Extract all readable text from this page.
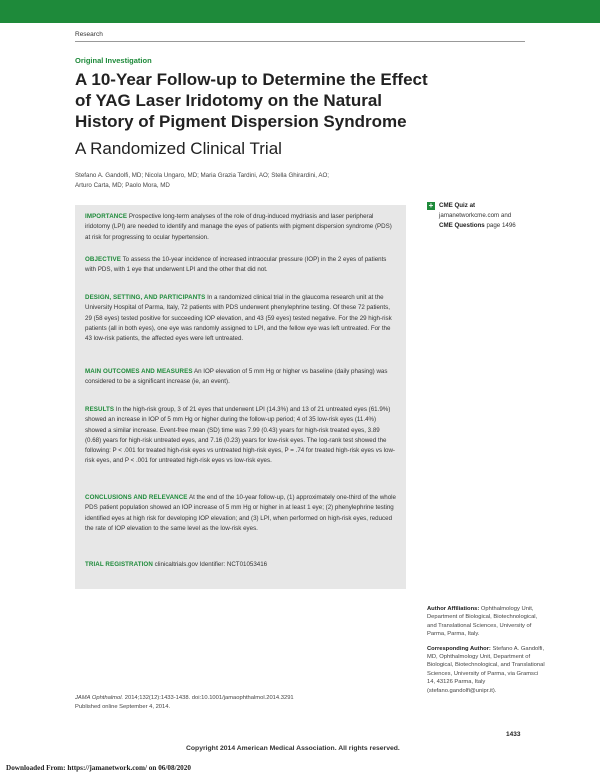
Research
Original Investigation
A 10-Year Follow-up to Determine the Effect of YAG Laser Iridotomy on the Natural History of Pigment Dispersion Syndrome
A Randomized Clinical Trial
Stefano A. Gandolfi, MD; Nicola Ungaro, MD; Maria Grazia Tardini, AO; Stella Ghirardini, AO; Arturo Carta, MD; Paolo Mora, MD
IMPORTANCE Prospective long-term analyses of the role of drug-induced mydriasis and laser peripheral iridotomy (LPI) are needed to identify and manage the eyes of patients with pigment dispersion syndrome (PDS) at risk for progressing to ocular hypertension.
OBJECTIVE To assess the 10-year incidence of increased intraocular pressure (IOP) in the 2 eyes of patients with PDS, with 1 eye that underwent LPI and the other that did not.
DESIGN, SETTING, AND PARTICIPANTS In a randomized clinical trial in the glaucoma research unit at the University Hospital of Parma, Italy, 72 patients with PDS underwent phenylephrine testing. Of these 72 patients, 29 (58 eyes) tested positive for succeeding IOP elevation, and 43 (59 eyes) tested negative. For the 29 high-risk patients (all in both eyes), one eye was randomly assigned to LPI, and the fellow eye was left untreated. For the 43 low-risk patients, the affected eyes were left untreated.
MAIN OUTCOMES AND MEASURES An IOP elevation of 5 mm Hg or higher vs baseline (daily phasing) was considered to be a significant increase (ie, an event).
RESULTS In the high-risk group, 3 of 21 eyes that underwent LPI (14.3%) and 13 of 21 untreated eyes (61.9%) showed an increase in IOP of 5 mm Hg or higher during the follow-up period; 4 of 35 low-risk eyes (11.4%) showed a similar increase. Event-free mean (SD) time was 7.99 (0.43) years for high-risk treated eyes, 3.89 (0.68) years for high-risk untreated eyes, and 7.16 (0.23) years for low-risk eyes. The log-rank test showed the following: P < .001 for treated high-risk eyes vs untreated high-risk eyes, P = .74 for treated high-risk eyes vs low-risk eyes, and P < .001 for untreated high-risk eyes vs low-risk eyes.
CONCLUSIONS AND RELEVANCE At the end of the 10-year follow-up, (1) approximately one-third of the whole PDS patient population showed an IOP increase of 5 mm Hg or higher in at least 1 eye; (2) phenylephrine testing identified eyes at high risk for developing IOP elevation; and (3) LPI, when performed on high-risk eyes, reduced the rate of IOP elevation to the same level as the low-risk eyes.
TRIAL REGISTRATION clinicaltrials.gov Identifier: NCT01053416
+ CME Quiz at
jamanetworkcme.com and
CME Questions page 1496
Author Affiliations: Ophthalmology Unit, Department of Biological, Biotechnological, and Translational Sciences, University of Parma, Parma, Italy.
Corresponding Author: Stefano A. Gandolfi, MD, Ophthalmology Unit, Department of Biological, Biotechnological, and Translational Sciences, University of Parma, via Gramsci 14, 43126 Parma, Italy (stefano.gandolfi@unipr.it).
JAMA Ophthalmol. 2014;132(12):1433-1438. doi:10.1001/jamaophthalmol.2014.3291
Published online September 4, 2014.
1433
Copyright 2014 American Medical Association. All rights reserved.
Downloaded From: https://jamanetwork.com/ on 06/08/2020
